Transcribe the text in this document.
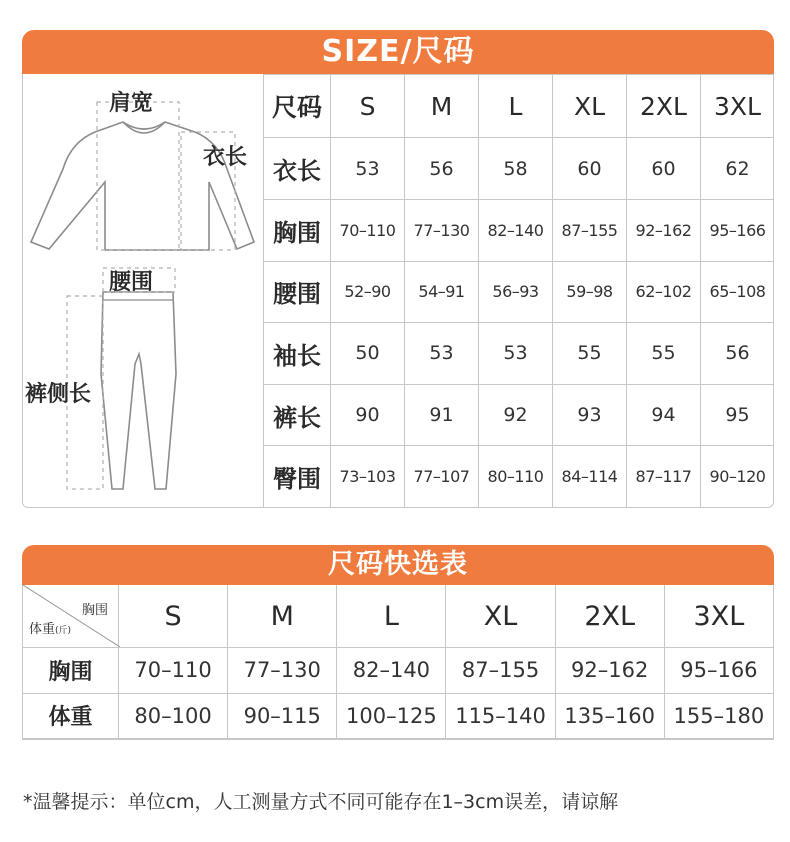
SIZE/尺码
肩宽
衣长
腰围
裤侧长
尺码	S	M	L	XL	2XL	3XL
衣长	53	56	58	60	60	62
胸围	70–110	77–130	82–140	87–155	92–162	95–166
腰围	52–90	54–91	56–93	59–98	62–102	65–108
袖长	50	53	53	55	55	56
裤长	90	91	92	93	94	95
臀围	73–103	77–107	80–110	84–114	87–117	90–120
尺码快选表
胸围
体重(斤)	S	M	L	XL	2XL	3XL
胸围	70–110	77–130	82–140	87–155	92–162	95–166
体重	80–100	90–115	100–125	115–140	135–160	155–180
*温馨提示：单位cm，人工测量方式不同可能存在1–3cm误差，请谅解
